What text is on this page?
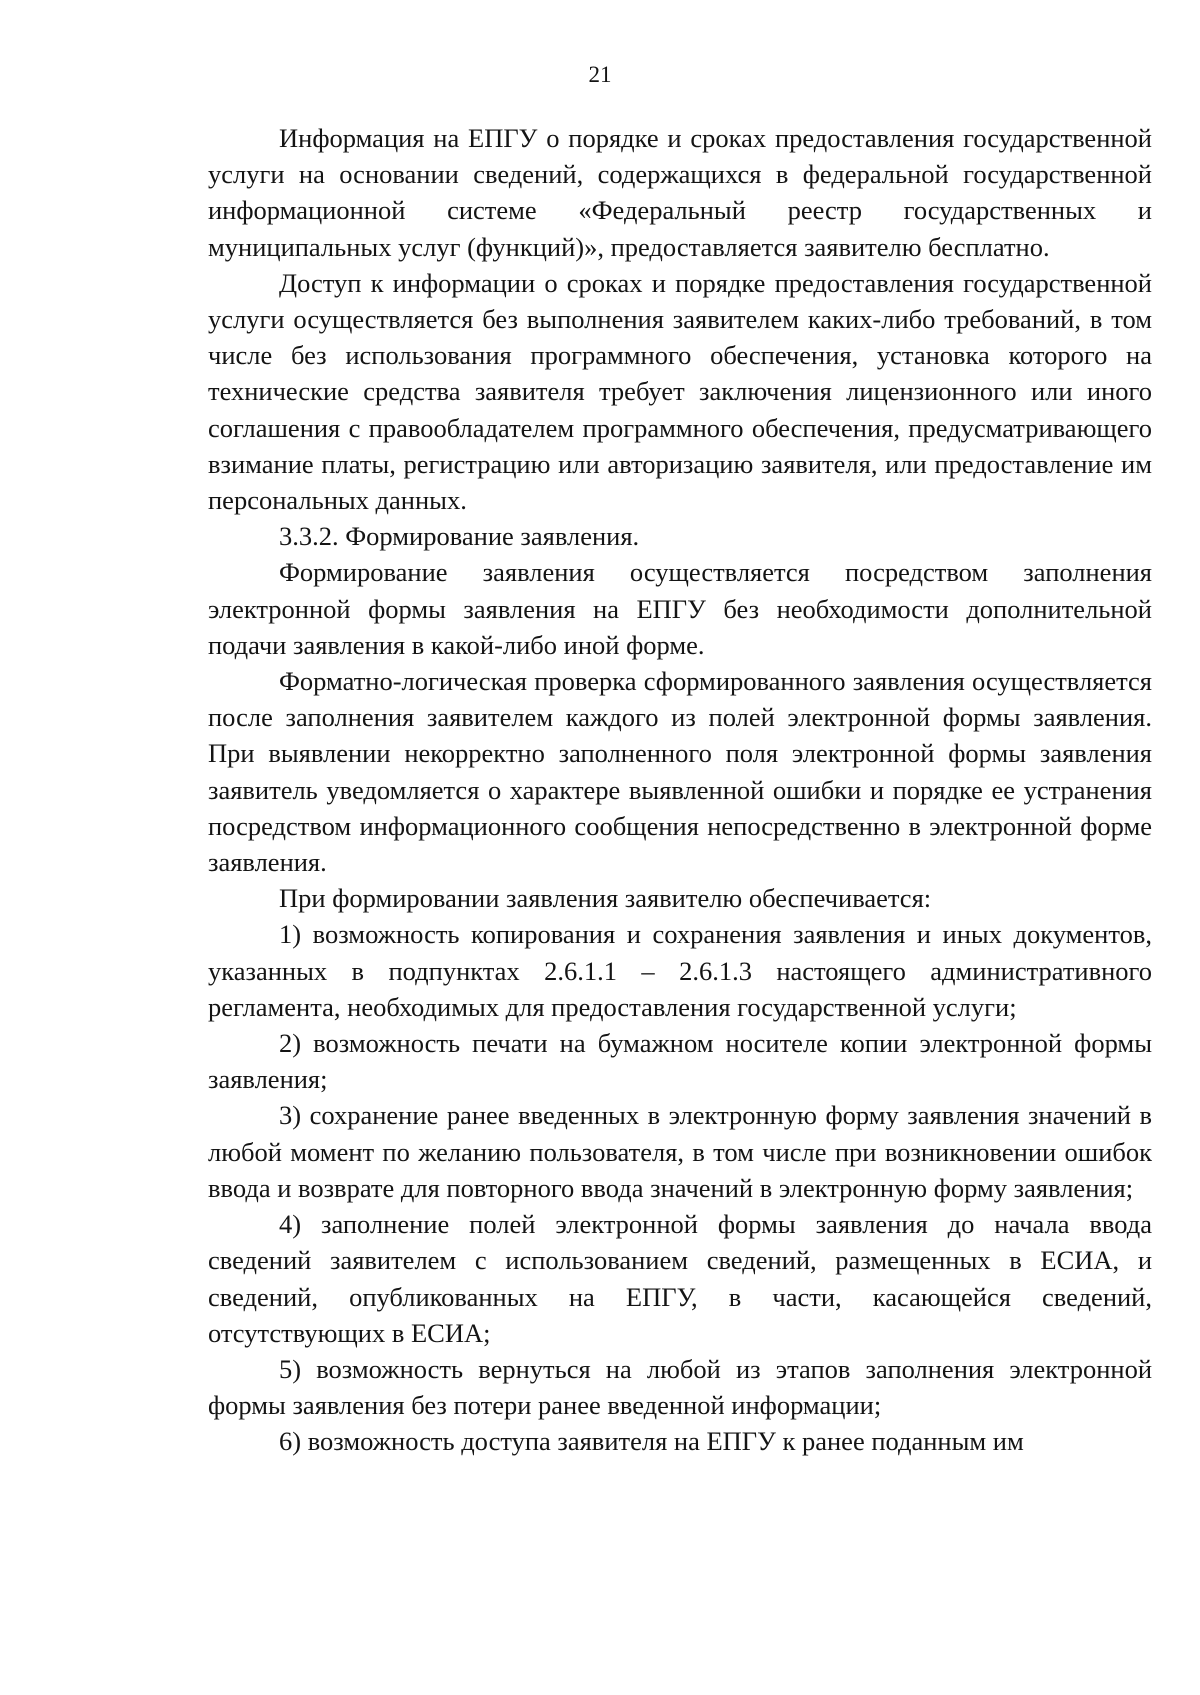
21

Информация на ЕПГУ о порядке и сроках предоставления государственной услуги на основании сведений, содержащихся в федеральной государственной информационной системе «Федеральный реестр государственных и муниципальных услуг (функций)», предоставляется заявителю бесплатно.

Доступ к информации о сроках и порядке предоставления государственной услуги осуществляется без выполнения заявителем каких-либо требований, в том числе без использования программного обеспечения, установка которого на технические средства заявителя требует заключения лицензионного или иного соглашения с правообладателем программного обеспечения, предусматривающего взимание платы, регистрацию или авторизацию заявителя, или предоставление им персональных данных.

3.3.2. Формирование заявления.

Формирование заявления осуществляется посредством заполнения электронной формы заявления на ЕПГУ без необходимости дополнительной подачи заявления в какой-либо иной форме.

Форматно-логическая проверка сформированного заявления осуществляется после заполнения заявителем каждого из полей электронной формы заявления. При выявлении некорректно заполненного поля электронной формы заявления заявитель уведомляется о характере выявленной ошибки и порядке ее устранения посредством информационного сообщения непосредственно в электронной форме заявления.

При формировании заявления заявителю обеспечивается:

1) возможность копирования и сохранения заявления и иных документов, указанных в подпунктах 2.6.1.1 – 2.6.1.3 настоящего административного регламента, необходимых для предоставления государственной услуги;

2) возможность печати на бумажном носителе копии электронной формы заявления;

3) сохранение ранее введенных в электронную форму заявления значений в любой момент по желанию пользователя, в том числе при возникновении ошибок ввода и возврате для повторного ввода значений в электронную форму заявления;

4) заполнение полей электронной формы заявления до начала ввода сведений заявителем с использованием сведений, размещенных в ЕСИА, и сведений, опубликованных на ЕПГУ, в части, касающейся сведений, отсутствующих в ЕСИА;

5) возможность вернуться на любой из этапов заполнения электронной формы заявления без потери ранее введенной информации;

6) возможность доступа заявителя на ЕПГУ к ранее поданным им
